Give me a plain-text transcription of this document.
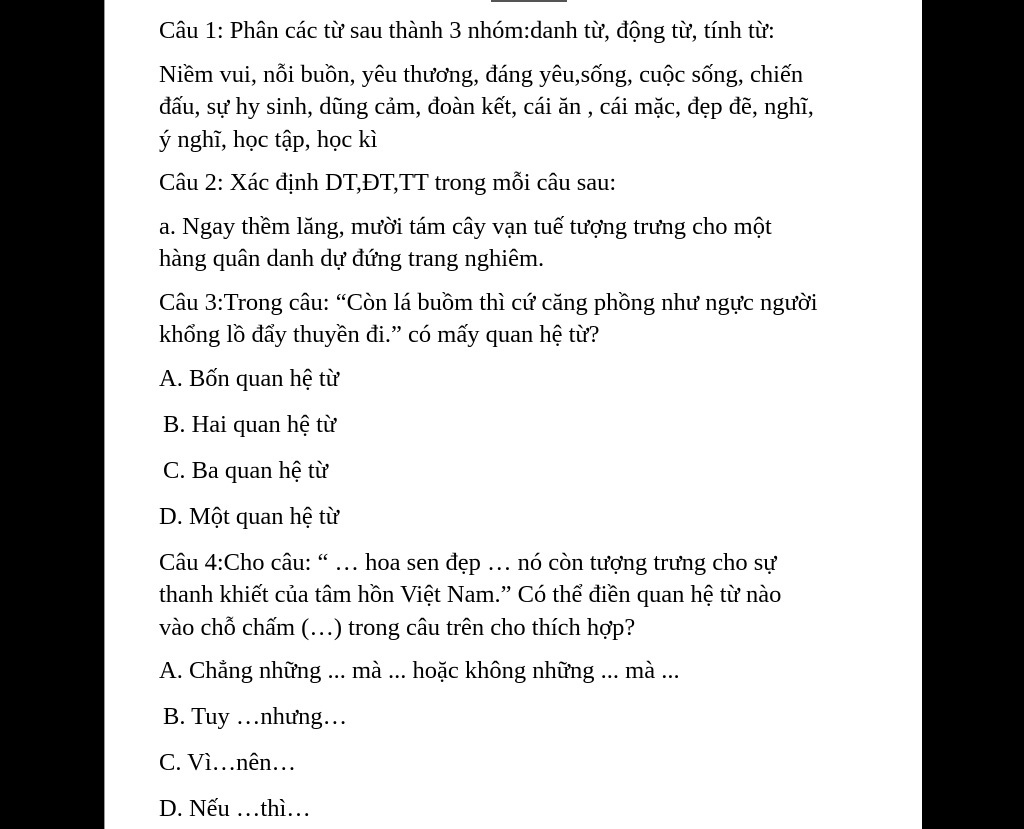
Câu 1: Phân các từ sau thành 3 nhóm:danh từ, động từ, tính từ:

Niềm vui, nỗi buồn, yêu thương, đáng yêu,sống, cuộc sống, chiến
đấu, sự hy sinh, dũng cảm, đoàn kết, cái ăn , cái mặc, đẹp đẽ, nghĩ,
ý nghĩ, học tập, học kì

Câu 2: Xác định DT,ĐT,TT trong mỗi câu sau:

a. Ngay thềm lăng, mười tám cây vạn tuế tượng trưng cho một
hàng quân danh dự đứng trang nghiêm.

Câu 3:Trong câu: “Còn lá buồm thì cứ căng phồng như ngực người
khổng lồ đẩy thuyền đi.” có mấy quan hệ từ?

A. Bốn quan hệ từ

B. Hai quan hệ từ

C. Ba quan hệ từ

D. Một quan hệ từ

Câu 4:Cho câu: “ … hoa sen đẹp … nó còn tượng trưng cho sự
thanh khiết của tâm hồn Việt Nam.” Có thể điền quan hệ từ nào
vào chỗ chấm (…) trong câu trên cho thích hợp?

A. Chẳng những ... mà ... hoặc không những ... mà ...

B. Tuy …nhưng…

C. Vì…nên…

D. Nếu …thì…
